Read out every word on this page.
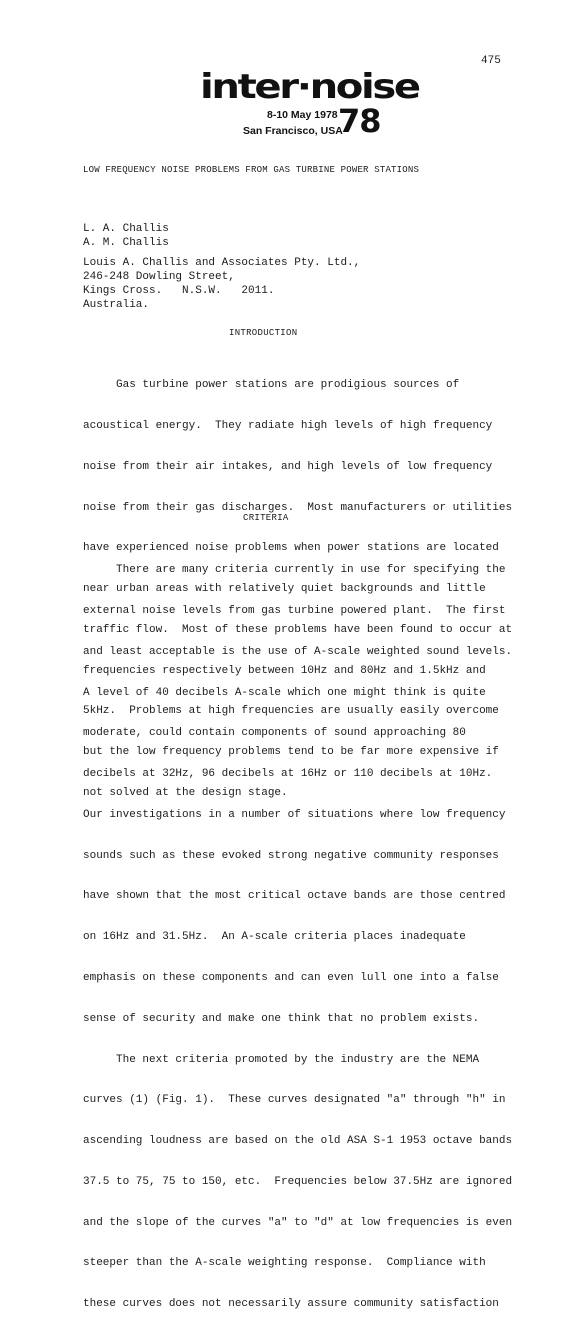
475
inter·noise
8-10 May 1978
San Francisco, USA
78
LOW FREQUENCY NOISE PROBLEMS FROM GAS TURBINE POWER STATIONS
L. A. Challis
A. M. Challis
Louis A. Challis and Associates Pty. Ltd.,
246-248 Dowling Street,
Kings Cross.   N.S.W.   2011.
Australia.
INTRODUCTION

Gas turbine power stations are prodigious sources of

acoustical energy.  They radiate high levels of high frequency

noise from their air intakes, and high levels of low frequency

noise from their gas discharges.  Most manufacturers or utilities

have experienced noise problems when power stations are located

near urban areas with relatively quiet backgrounds and little

traffic flow.  Most of these problems have been found to occur at

frequencies respectively between 10Hz and 80Hz and 1.5kHz and

5kHz.  Problems at high frequencies are usually easily overcome

but the low frequency problems tend to be far more expensive if

not solved at the design stage.

CRITERIA

There are many criteria currently in use for specifying the

external noise levels from gas turbine powered plant.  The first

and least acceptable is the use of A-scale weighted sound levels.

A level of 40 decibels A-scale which one might think is quite

moderate, could contain components of sound approaching 80

decibels at 32Hz, 96 decibels at 16Hz or 110 decibels at 10Hz.

Our investigations in a number of situations where low frequency

sounds such as these evoked strong negative community responses

have shown that the most critical octave bands are those centred

on 16Hz and 31.5Hz.  An A-scale criteria places inadequate

emphasis on these components and can even lull one into a false

sense of security and make one think that no problem exists.

The next criteria promoted by the industry are the NEMA

curves (1) (Fig. 1).  These curves designated "a" through "h" in

ascending loudness are based on the old ASA S-1 1953 octave bands

37.5 to 75, 75 to 150, etc.  Frequencies below 37.5Hz are ignored

and the slope of the curves "a" to "d" at low frequencies is even

steeper than the A-scale weighting response.  Compliance with

these curves does not necessarily assure community satisfaction
